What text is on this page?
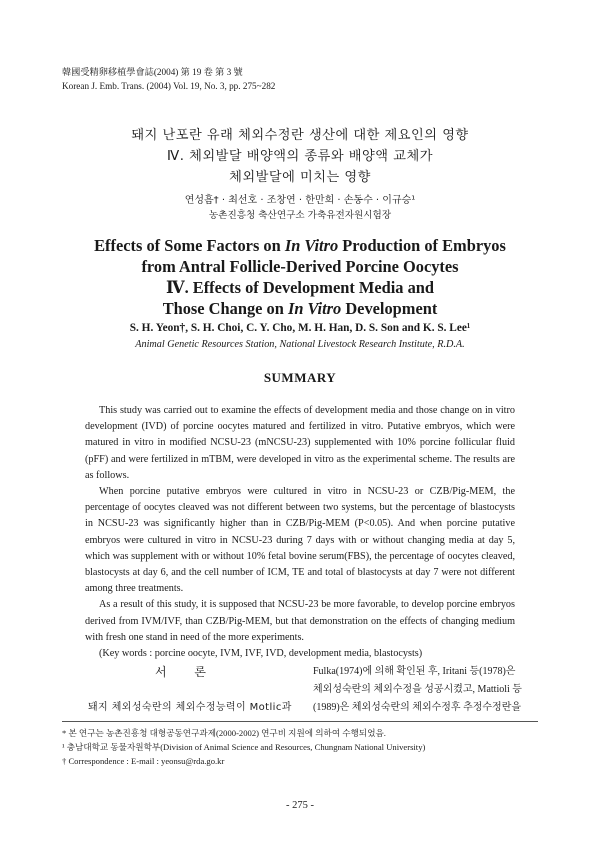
韓國受精卵移植學會誌(2004) 第 19 卷 第 3 號
Korean J. Emb. Trans. (2004) Vol. 19, No. 3, pp. 275~282
돼지 난포란 유래 체외수정란 생산에 대한 제요인의 영향
Ⅳ. 체외발달 배양액의 종류와 배양액 교체가
체외발달에 미치는 영향
연성흠† · 최선호 · 조창연 · 한만희 · 손동수 · 이규승¹
농촌진흥청 축산연구소 가축유전자원시험장
Effects of Some Factors on In Vitro Production of Embryos
from Antral Follicle-Derived Porcine Oocytes
Ⅳ. Effects of Development Media and
Those Change on In Vitro Development
S. H. Yeon†, S. H. Choi, C. Y. Cho, M. H. Han, D. S. Son and K. S. Lee¹
Animal Genetic Resources Station, National Livestock Research Institute, R.D.A.
SUMMARY

This study was carried out to examine the effects of development media and those change on in vitro development (IVD) of porcine oocytes matured and fertilized in vitro. Putative embryos, which were matured in vitro in modified NCSU-23 (mNCSU-23) supplemented with 10% porcine follicular fluid (pFF) and were fertilized in mTBM, were developed in vitro as the experimental scheme. The results are as follows.

When porcine putative embryos were cultured in vitro in NCSU-23 or CZB/Pig-MEM, the percentage of oocytes cleaved was not different between two systems, but the percentage of blastocysts in NCSU-23 was significantly higher than in CZB/Pig-MEM (P<0.05). And when porcine putative embryos were cultured in vitro in NCSU-23 during 7 days with or without changing media at day 5, which was supplement with or without 10% fetal bovine serum(FBS), the percentage of oocytes cleaved, blastocysts at day 6, and the cell number of ICM, TE and total of blastocysts at day 7 were not different among three treatments.

As a result of this study, it is supposed that NCSU-23 be more favorable, to develop porcine embryos derived from IVM/IVF, than CZB/Pig-MEM, but that demonstration on the effects of changing medium with fresh one stand in need of the more experiments.

(Key words : porcine oocyte, IVM, IVF, IVD, development media, blastocysts)

서 론
돼지 체외성숙란의 체외수정능력이 Motlic과
Fulka(1974)에 의해 확인된 후, Iritani 등(1978)은
체외성숙란의 체외수정을 성공시켰고, Mattioli 등
(1989)은 체외성숙란의 체외수정후 추정수정란을
* 본 연구는 농촌진흥청 대형공동연구과제(2000-2002) 연구비 지원에 의하여 수행되었음.
¹ 충남대학교 동물자원학부(Division of Animal Science and Resources, Chungnam National University)
† Correspondence : E-mail : yeonsu@rda.go.kr
- 275 -
